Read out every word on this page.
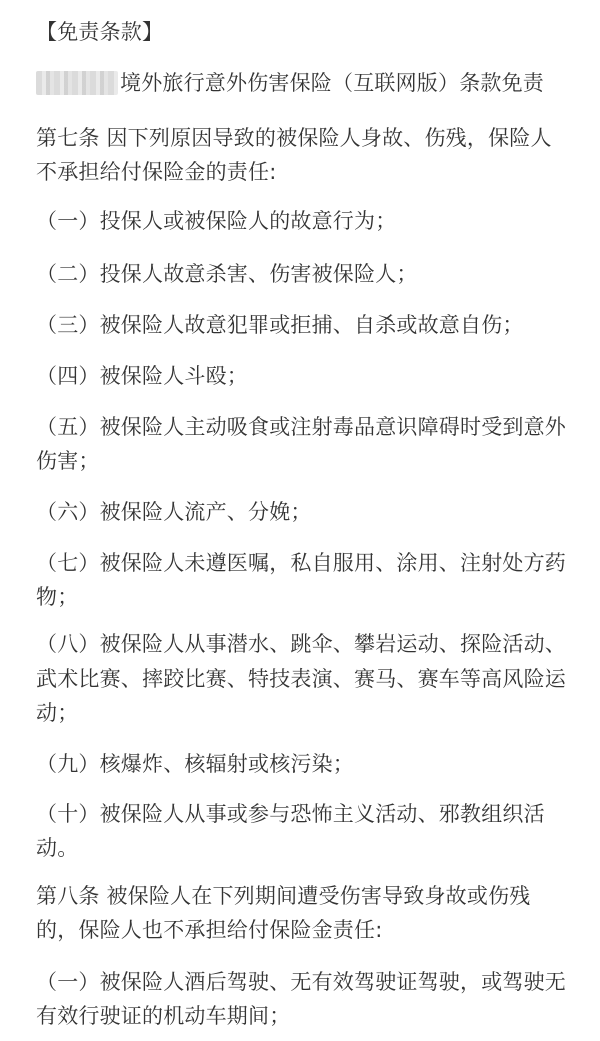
【免责条款】
境外旅行意外伤害保险（互联网版）条款免责
第七条 因下列原因导致的被保险人身故、伤残，保险人
不承担给付保险金的责任:
（一）投保人或被保险人的故意行为；
（二）投保人故意杀害、伤害被保险人；
（三）被保险人故意犯罪或拒捕、自杀或故意自伤；
（四）被保险人斗殴；
（五）被保险人主动吸食或注射毒品意识障碍时受到意外
伤害；
（六）被保险人流产、分娩；
（七）被保险人未遵医嘱，私自服用、涂用、注射处方药
物；
（八）被保险人从事潜水、跳伞、攀岩运动、探险活动、
武术比赛、摔跤比赛、特技表演、赛马、赛车等高风险运
动；
（九）核爆炸、核辐射或核污染；
（十）被保险人从事或参与恐怖主义活动、邪教组织活
动。
第八条 被保险人在下列期间遭受伤害导致身故或伤残
的，保险人也不承担给付保险金责任:
（一）被保险人酒后驾驶、无有效驾驶证驾驶，或驾驶无
有效行驶证的机动车期间；
